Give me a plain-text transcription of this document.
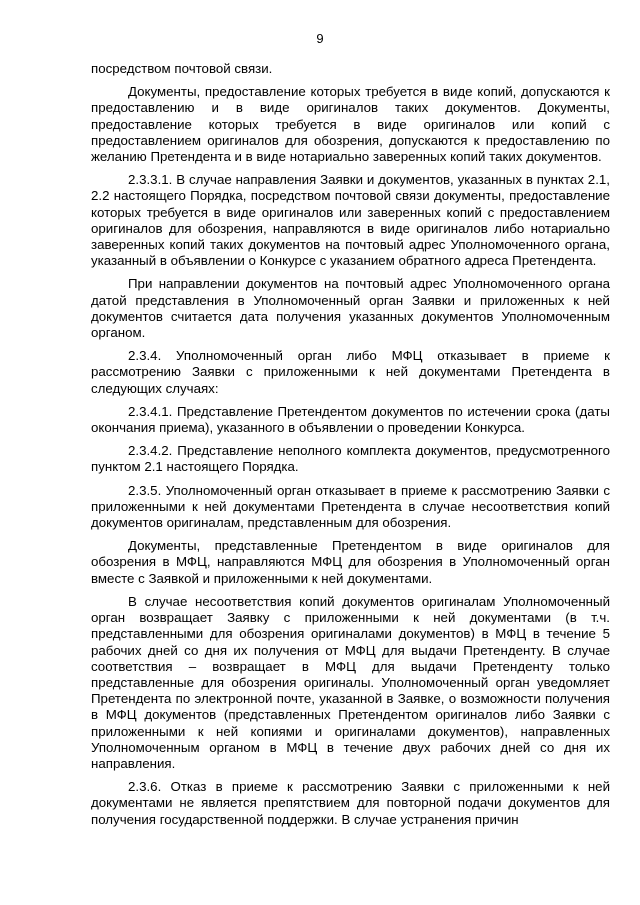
9

посредством почтовой связи.

Документы, предоставление которых требуется в виде копий, допускаются к предоставлению и в виде оригиналов таких документов. Документы, предоставление которых требуется в виде оригиналов или копий с предоставлением оригиналов для обозрения, допускаются к предоставлению по желанию Претендента и в виде нотариально заверенных копий таких документов.

2.3.3.1. В случае направления Заявки и документов, указанных в пунктах 2.1, 2.2 настоящего Порядка, посредством почтовой связи документы, предоставление которых требуется в виде оригиналов или заверенных копий с предоставлением оригиналов для обозрения, направляются в виде оригиналов либо нотариально заверенных копий таких документов на почтовый адрес Уполномоченного органа, указанный в объявлении о Конкурсе с указанием обратного адреса Претендента.

При направлении документов на почтовый адрес Уполномоченного органа датой представления в Уполномоченный орган Заявки и приложенных к ней документов считается дата получения указанных документов Уполномоченным органом.

2.3.4. Уполномоченный орган либо МФЦ отказывает в приеме к рассмотрению Заявки с приложенными к ней документами Претендента в следующих случаях:

2.3.4.1. Представление Претендентом документов по истечении срока (даты окончания приема), указанного в объявлении о проведении Конкурса.

2.3.4.2. Представление неполного комплекта документов, предусмотренного пунктом 2.1 настоящего Порядка.

2.3.5. Уполномоченный орган отказывает в приеме к рассмотрению Заявки с приложенными к ней документами Претендента в случае несоответствия копий документов оригиналам, представленным для обозрения.

Документы, представленные Претендентом в виде оригиналов для обозрения в МФЦ, направляются МФЦ для обозрения в Уполномоченный орган вместе с Заявкой и приложенными к ней документами.

В случае несоответствия копий документов оригиналам Уполномоченный орган возвращает Заявку с приложенными к ней документами (в т.ч. представленными для обозрения оригиналами документов) в МФЦ в течение 5 рабочих дней со дня их получения от МФЦ для выдачи Претенденту. В случае соответствия – возвращает в МФЦ для выдачи Претенденту только представленные для обозрения оригиналы. Уполномоченный орган уведомляет Претендента по электронной почте, указанной в Заявке, о возможности получения в МФЦ документов (представленных Претендентом оригиналов либо Заявки с приложенными к ней копиями и оригиналами документов), направленных Уполномоченным органом в МФЦ в течение двух рабочих дней со дня их направления.

2.3.6. Отказ в приеме к рассмотрению Заявки с приложенными к ней документами не является препятствием для повторной подачи документов для получения государственной поддержки. В случае устранения причин
